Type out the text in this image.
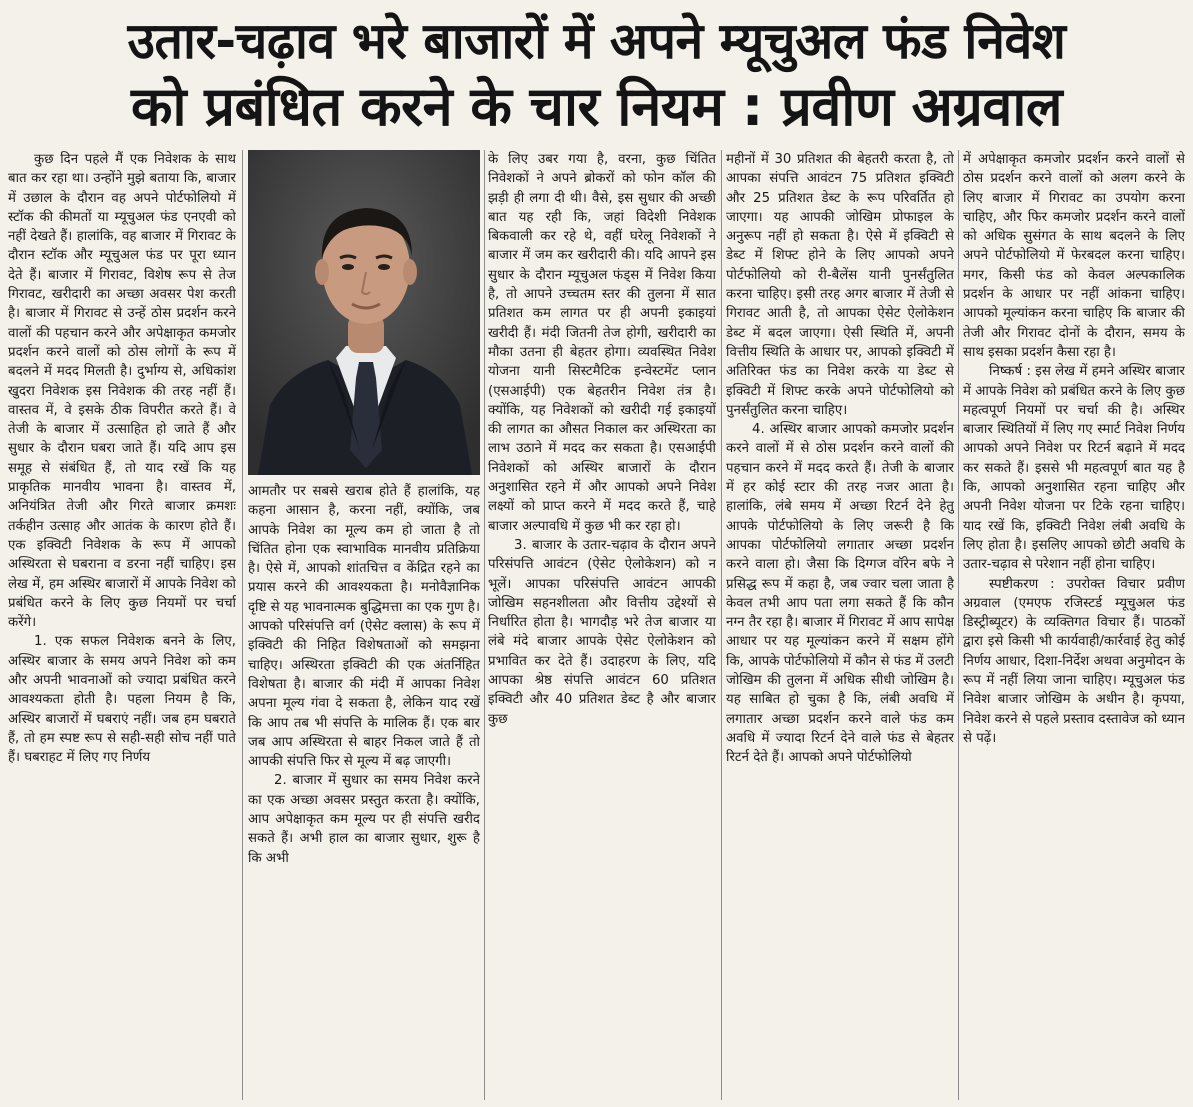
उतार-चढ़ाव भरे बाजारों में अपने म्यूचुअल फंड निवेश
को प्रबंधित करने के चार नियम : प्रवीण अग्रवाल

कुछ दिन पहले मैं एक निवेशक के साथ बात कर रहा था। उन्होंने मुझे बताया कि, बाजार में उछाल के दौरान वह अपने पोर्टफोलियो में स्टॉक की कीमतों या म्यूचुअल फंड एनएवी को नहीं देखते हैं। हालांकि, वह बाजार में गिरावट के दौरान स्टॉक और म्यूचुअल फंड पर पूरा ध्यान देते हैं। बाजार में गिरावट, विशेष रूप से तेज गिरावट, खरीदारी का अच्छा अवसर पेश करती है। बाजार में गिरावट से उन्हें ठोस प्रदर्शन करने वालों की पहचान करने और अपेक्षाकृत कमजोर प्रदर्शन करने वालों को ठोस लोगों के रूप में बदलने में मदद मिलती है। दुर्भाग्य से, अधिकांश खुदरा निवेशक इस निवेशक की तरह नहीं हैं। वास्तव में, वे इसके ठीक विपरीत करते हैं। वे तेजी के बाजार में उत्साहित हो जाते हैं और सुधार के दौरान घबरा जाते हैं। यदि आप इस समूह से संबंधित हैं, तो याद रखें कि यह प्राकृतिक मानवीय भावना है। वास्तव में, अनियंत्रित तेजी और गिरते बाजार क्रमशः तर्कहीन उत्साह और आतंक के कारण होते हैं। एक इक्विटी निवेशक के रूप में आपको अस्थिरता से घबराना व डरना नहीं चाहिए। इस लेख में, हम अस्थिर बाजारों में आपके निवेश को प्रबंधित करने के लिए कुछ नियमों पर चर्चा करेंगे।

1. एक सफल निवेशक बनने के लिए, अस्थिर बाजार के समय अपने निवेश को कम और अपनी भावनाओं को ज्यादा प्रबंधित करने आवश्यकता होती है। पहला नियम है कि, अस्थिर बाजारों में घबराएं नहीं। जब हम घबराते हैं, तो हम स्पष्ट रूप से सही-सही सोच नहीं पाते हैं। घबराहट में लिए गए निर्णय

आमतौर पर सबसे खराब होते हैं हालांकि, यह कहना आसान है, करना नहीं, क्योंकि, जब आपके निवेश का मूल्य कम हो जाता है तो चिंतित होना एक स्वाभाविक मानवीय प्रतिक्रिया है। ऐसे में, आपको शांतचित्त व केंद्रित रहने का प्रयास करने की आवश्यकता है। मनोवैज्ञानिक दृष्टि से यह भावनात्मक बुद्धिमत्ता का एक गुण है। आपको परिसंपत्ति वर्ग (ऐसेट क्लास) के रूप में इक्विटी की निहित विशेषताओं को समझना चाहिए। अस्थिरता इक्विटी की एक अंतर्निहित विशेषता है। बाजार की मंदी में आपका निवेश अपना मूल्य गंवा दे सकता है, लेकिन याद रखें कि आप तब भी संपत्ति के मालिक हैं। एक बार जब आप अस्थिरता से बाहर निकल जाते हैं तो आपकी संपत्ति फिर से मूल्य में बढ़ जाएगी।

2. बाजार में सुधार का समय निवेश करने का एक अच्छा अवसर प्रस्तुत करता है। क्योंकि, आप अपेक्षाकृत कम मूल्य पर ही संपत्ति खरीद सकते हैं। अभी हाल का बाजार सुधार, शुरू है कि अभी

के लिए उबर गया है, वरना, कुछ चिंतित निवेशकों ने अपने ब्रोकरों को फोन कॉल की झड़ी ही लगा दी थी। वैसे, इस सुधार की अच्छी बात यह रही कि, जहां विदेशी निवेशक बिकवाली कर रहे थे, वहीं घरेलू निवेशकों ने बाजार में जम कर खरीदारी की। यदि आपने इस सुधार के दौरान म्यूचुअल फंड्स में निवेश किया है, तो आपने उच्चतम स्तर की तुलना में सात प्रतिशत कम लागत पर ही अपनी इकाइयां खरीदी हैं। मंदी जितनी तेज होगी, खरीदारी का मौका उतना ही बेहतर होगा। व्यवस्थित निवेश योजना यानी सिस्टमैटिक इन्वेस्टमेंट प्लान (एसआईपी) एक बेहतरीन निवेश तंत्र है। क्योंकि, यह निवेशकों को खरीदी गई इकाइयों की लागत का औसत निकाल कर अस्थिरता का लाभ उठाने में मदद कर सकता है। एसआईपी निवेशकों को अस्थिर बाजारों के दौरान अनुशासित रहने में और आपको अपने निवेश लक्ष्यों को प्राप्त करने में मदद करते हैं, चाहे बाजार अल्पावधि में कुछ भी कर रहा हो।

3. बाजार के उतार-चढ़ाव के दौरान अपने परिसंपत्ति आवंटन (ऐसेट ऐलोकेशन) को न भूलें। आपका परिसंपत्ति आवंटन आपकी जोखिम सहनशीलता और वित्तीय उद्देश्यों से निर्धारित होता है। भागदौड़ भरे तेज बाजार या लंबे मंदे बाजार आपके ऐसेट ऐलोकेशन को प्रभावित कर देते हैं। उदाहरण के लिए, यदि आपका श्रेष्ठ संपत्ति आवंटन 60 प्रतिशत इक्विटी और 40 प्रतिशत डेब्ट है और बाजार कुछ

महीनों में 30 प्रतिशत की बेहतरी करता है, तो आपका संपत्ति आवंटन 75 प्रतिशत इक्विटी और 25 प्रतिशत डेब्ट के रूप परिवर्तित हो जाएगा। यह आपकी जोखिम प्रोफाइल के अनुरूप नहीं हो सकता है। ऐसे में इक्विटी से डेब्ट में शिफ्ट होने के लिए आपको अपने पोर्टफोलियो को री-बैलेंस यानी पुनर्संतुलित करना चाहिए। इसी तरह अगर बाजार में तेजी से गिरावट आती है, तो आपका ऐसेट ऐलोकेशन डेब्ट में बदल जाएगा। ऐसी स्थिति में, अपनी वित्तीय स्थिति के आधार पर, आपको इक्विटी में अतिरिक्त फंड का निवेश करके या डेब्ट से इक्विटी में शिफ्ट करके अपने पोर्टफोलियो को पुनर्संतुलित करना चाहिए।

4. अस्थिर बाजार आपको कमजोर प्रदर्शन करने वालों में से ठोस प्रदर्शन करने वालों की पहचान करने में मदद करते हैं। तेजी के बाजार में हर कोई स्टार की तरह नजर आता है। हालांकि, लंबे समय में अच्छा रिटर्न देने हेतु आपके पोर्टफोलियो के लिए जरूरी है कि आपका पोर्टफोलियो लगातार अच्छा प्रदर्शन करने वाला हो। जैसा कि दिग्गज वॉरेन बफे ने प्रसिद्ध रूप में कहा है, जब ज्वार चला जाता है केवल तभी आप पता लगा सकते हैं कि कौन नग्न तैर रहा है। बाजार में गिरावट में आप सापेक्ष आधार पर यह मूल्यांकन करने में सक्षम होंगे कि, आपके पोर्टफोलियो में कौन से फंड में उलटी जोखिम की तुलना में अधिक सीधी जोखिम है। यह साबित हो चुका है कि, लंबी अवधि में लगातार अच्छा प्रदर्शन करने वाले फंड कम अवधि में ज्यादा रिटर्न देने वाले फंड से बेहतर रिटर्न देते हैं। आपको अपने पोर्टफोलियो

में अपेक्षाकृत कमजोर प्रदर्शन करने वालों से ठोस प्रदर्शन करने वालों को अलग करने के लिए बाजार में गिरावट का उपयोग करना चाहिए, और फिर कमजोर प्रदर्शन करने वालों को अधिक सुसंगत के साथ बदलने के लिए अपने पोर्टफोलियो में फेरबदल करना चाहिए। मगर, किसी फंड को केवल अल्पकालिक प्रदर्शन के आधार पर नहीं आंकना चाहिए। आपको मूल्यांकन करना चाहिए कि बाजार की तेजी और गिरावट दोनों के दौरान, समय के साथ इसका प्रदर्शन कैसा रहा है।

निष्कर्ष : इस लेख में हमने अस्थिर बाजार में आपके निवेश को प्रबंधित करने के लिए कुछ महत्वपूर्ण नियमों पर चर्चा की है। अस्थिर बाजार स्थितियों में लिए गए स्मार्ट निवेश निर्णय आपको अपने निवेश पर रिटर्न बढ़ाने में मदद कर सकते हैं। इससे भी महत्वपूर्ण बात यह है कि, आपको अनुशासित रहना चाहिए और अपनी निवेश योजना पर टिके रहना चाहिए। याद रखें कि, इक्विटी निवेश लंबी अवधि के लिए होता है। इसलिए आपको छोटी अवधि के उतार-चढ़ाव से परेशान नहीं होना चाहिए।

स्पष्टीकरण : उपरोक्त विचार प्रवीण अग्रवाल (एमएफ रजिस्टर्ड म्यूचुअल फंड डिस्ट्रीब्यूटर) के व्यक्तिगत विचार हैं। पाठकों द्वारा इसे किसी भी कार्यवाही/कार्रवाई हेतु कोई निर्णय आधार, दिशा-निर्देश अथवा अनुमोदन के रूप में नहीं लिया जाना चाहिए। म्यूचुअल फंड निवेश बाजार जोखिम के अधीन है। कृपया, निवेश करने से पहले प्रस्ताव दस्तावेज को ध्यान से पढ़ें।
